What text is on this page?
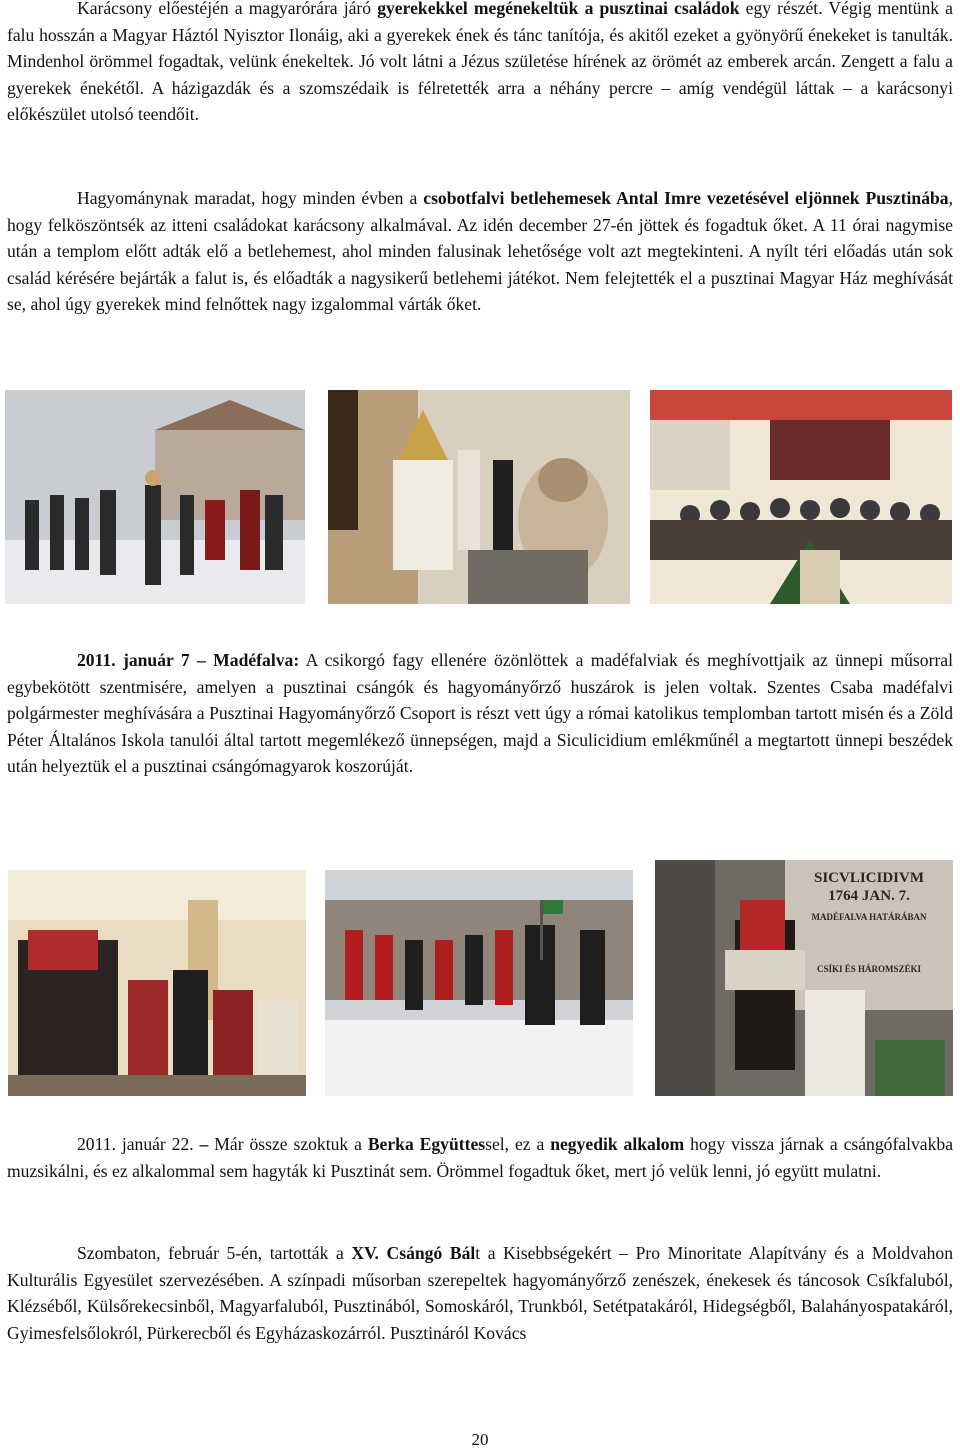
Karácsony előestéjén a magyarórára járó gyerekekkel megénekeltük a pusztinai családok egy részét. Végig mentünk a falu hosszán a Magyar Háztól Nyisztor Ilonáig, aki a gyerekek ének és tánc tanítója, és akitől ezeket a gyönyörű énekeket is tanulták. Mindenhol örömmel fogadtak, velünk énekeltek. Jó volt látni a Jézus születése hírének az örömét az emberek arcán. Zengett a falu a gyerekek énekétől. A házigazdák és a szomszédaik is félretették arra a néhány percre – amíg vendégül láttak – a karácsonyi előkészület utolsó teendőit.

Hagyománynak maradat, hogy minden évben a csobotfalvi betlehemesek Antal Imre vezetésével eljönnek Pusztinába, hogy felköszöntsék az itteni családokat karácsony alkalmával. Az idén december 27-én jöttek és fogadtuk őket. A 11 órai nagymise után a templom előtt adták elő a betlehemest, ahol minden falusinak lehetősége volt azt megtekinteni. A nyílt téri előadás után sok család kérésére bejárták a falut is, és előadták a nagysikerű betlehemi játékot. Nem felejtették el a pusztinai Magyar Ház meghívását se, ahol úgy gyerekek mind felnőttek nagy izgalommal várták őket.

2011. január 7 – Madéfalva: A csikorgó fagy ellenére özönlöttek a madéfalviak és meghívottjaik az ünnepi műsorral egybekötött szentmisére, amelyen a pusztinai csángók és hagyományőrző huszárok is jelen voltak. Szentes Csaba madéfalvi polgármester meghívására a Pusztinai Hagyományőrző Csoport is részt vett úgy a római katolikus templomban tartott misén és a Zöld Péter Általános Iskola tanulói által tartott megemlékező ünnepségen, majd a Siculicidium emlékműnél a megtartott ünnepi beszédek után helyeztük el a pusztinai csángómagyarok koszorúját.

SICVLICIDIVM
1764 JAN. 7.
MADÉFALVA HATÁRÁBAN
CSÍKI ÉS HÁROMSZÉKI

2011. január 22. – Már össze szoktuk a Berka Együttessel, ez a negyedik alkalom hogy vissza járnak a csángófalvakba muzsikálni, és ez alkalommal sem hagyták ki Pusztinát sem. Örömmel fogadtuk őket, mert jó velük lenni, jó együtt mulatni.

Szombaton, február 5-én, tartották a XV. Csángó Bált a Kisebbségekért – Pro Minoritate Alapítvány és a Moldvahon Kulturális Egyesület szervezésében. A színpadi műsorban szerepeltek hagyományőrző zenészek, énekesek és táncosok Csíkfaluból, Klézséből, Külsőrekecsinből, Magyarfaluból, Pusztinából, Somoskáról, Trunkból, Setétpatakáról, Hidegségből, Balahányospatakáról, Gyimesfelsőlokról, Pürkerecből és Egyházaskozárról. Pusztináról Kovács

20
